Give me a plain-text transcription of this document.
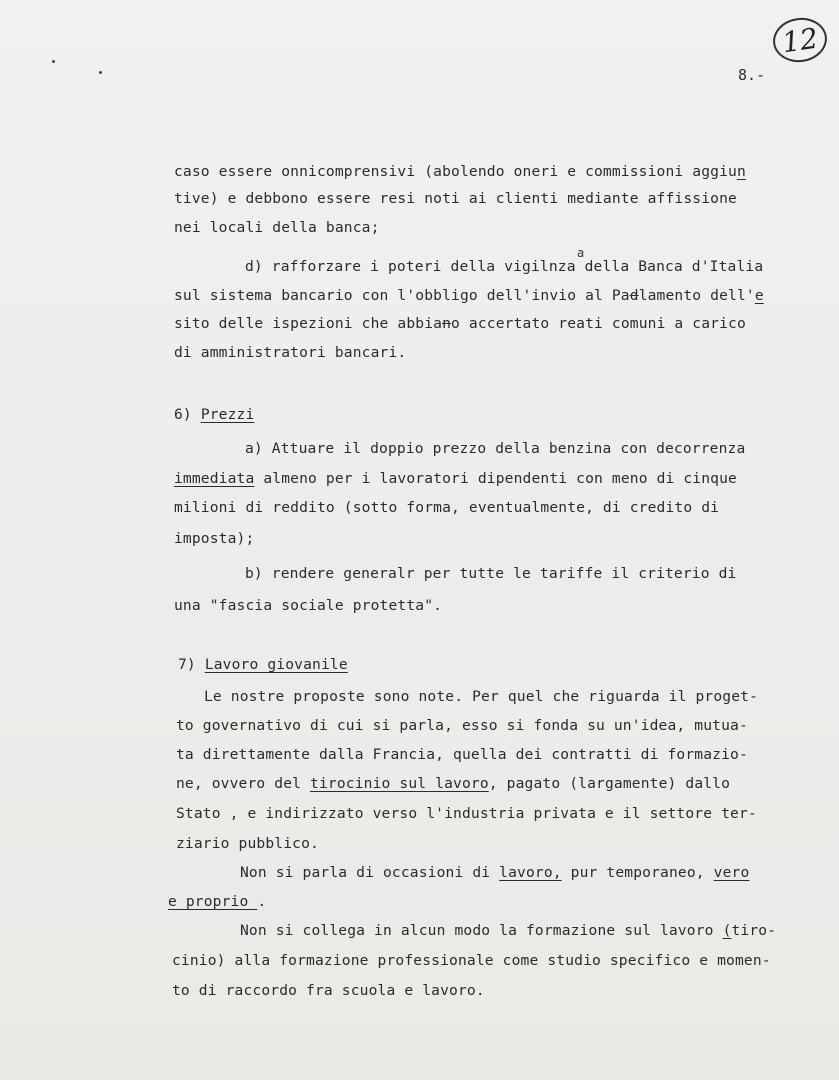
12
8.-
caso essere onnicomprensivi (abolendo oneri e commissioni aggiun
tive) e debbono essere resi noti ai clienti mediante affissione
nei locali della banca;
a
d) rafforzare i poteri della vigilnza della Banca d'Italia
sul sistema bancario con l'obbligo dell'invio al Padlamento dell'e
sito delle ispezioni che abbiano accertato reati comuni a carico
di amministratori bancari.
6) Prezzi
a) Attuare il doppio prezzo della benzina con decorrenza
immediata almeno per i lavoratori dipendenti con meno di cinque
milioni di reddito (sotto forma, eventualmente, di credito di
imposta);
b) rendere generalr per tutte le tariffe il criterio di
una "fascia sociale protetta".
7) Lavoro giovanile
Le nostre proposte sono note. Per quel che riguarda il proget-
to governativo di cui si parla, esso si fonda su un'idea, mutua-
ta direttamente dalla Francia, quella dei contratti di formazio-
ne, ovvero del tirocinio sul lavoro, pagato (largamente) dallo
Stato , e indirizzato verso l'industria privata e il settore ter-
ziario pubblico.
Non si parla di occasioni di lavoro, pur temporaneo, vero
e proprio .
Non si collega in alcun modo la formazione sul lavoro (tiro-
cinio) alla formazione professionale come studio specifico e momen-
to di raccordo fra scuola e lavoro.
